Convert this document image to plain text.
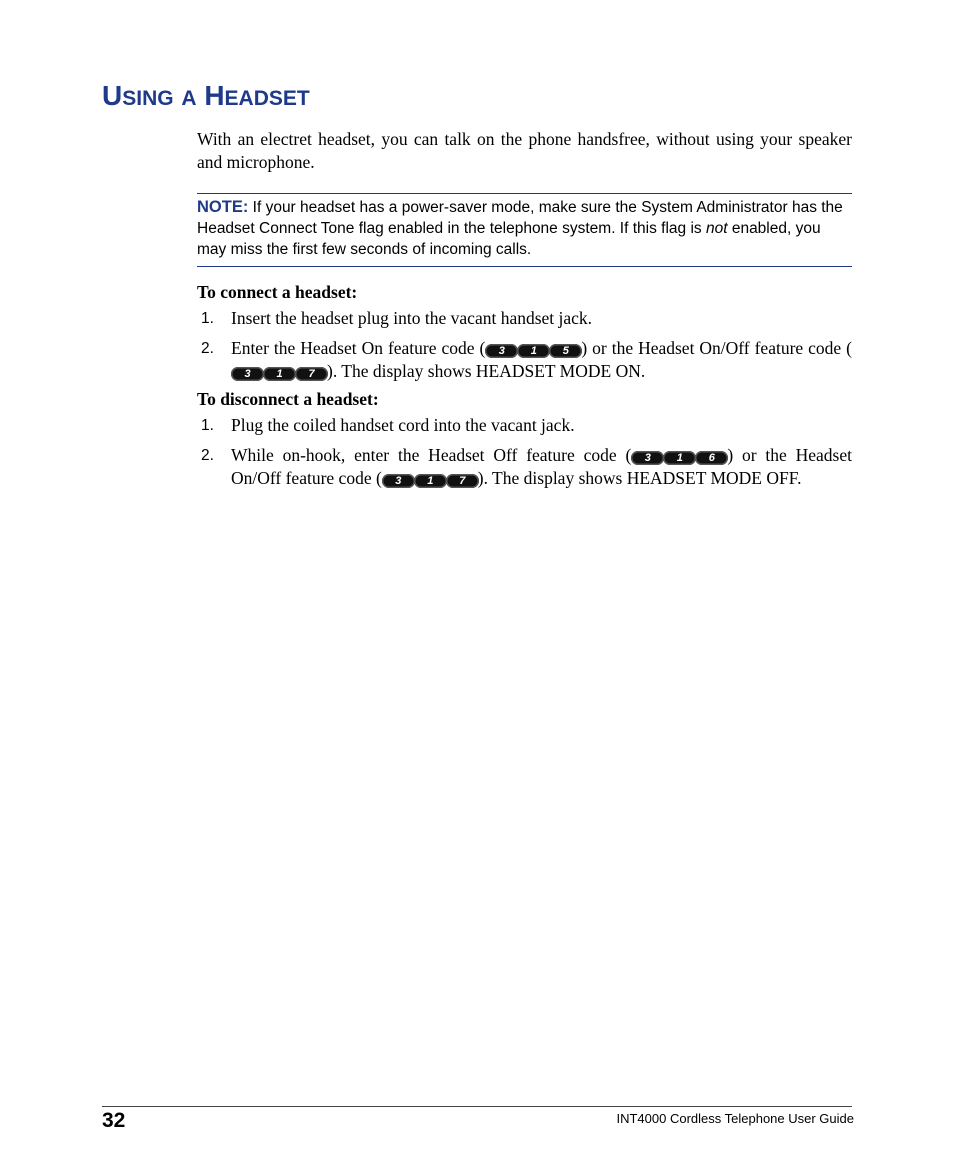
USING A HEADSET

With an electret headset, you can talk on the phone handsfree, without using your speaker and microphone.

NOTE: If your headset has a power-saver mode, make sure the System Administrator has the Headset Connect Tone flag enabled in the telephone system. If this flag is not enabled, you may miss the first few seconds of incoming calls.
To connect a headset:
1. Insert the headset plug into the vacant handset jack.
2. Enter the Headset On feature code (	3	1	5 ) or the Headset On/Off feature code (
3	1	7 ). The display shows HEADSET MODE ON.
To disconnect a headset:
1. Plug the coiled handset cord into the vacant jack.
2. While on-hook, enter the Headset Off feature code (	3	1	6 ) or the Headset On/Off feature code (	3	1	7 ). The display shows HEADSET MODE OFF.
32	INT4000 Cordless Telephone User Guide
